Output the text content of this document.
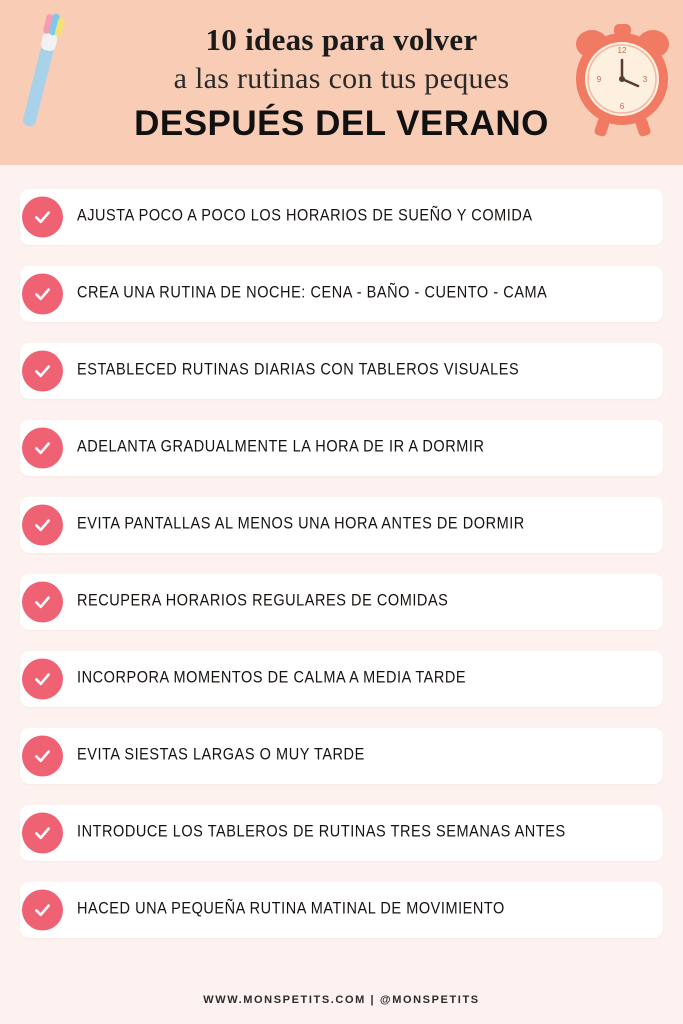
12
3
6
9
10 ideas para volver
a las rutinas con tus peques
DESPUÉS DEL VERANO
AJUSTA POCO A POCO LOS HORARIOS DE SUEÑO Y COMIDA
CREA UNA RUTINA DE NOCHE: CENA - BAÑO - CUENTO - CAMA
ESTABLECED RUTINAS DIARIAS CON TABLEROS VISUALES
ADELANTA GRADUALMENTE LA HORA DE IR A DORMIR
EVITA PANTALLAS AL MENOS UNA HORA ANTES DE DORMIR
RECUPERA HORARIOS REGULARES DE COMIDAS
INCORPORA MOMENTOS DE CALMA A MEDIA TARDE
EVITA SIESTAS LARGAS O MUY TARDE
INTRODUCE LOS TABLEROS DE RUTINAS TRES SEMANAS ANTES
HACED UNA PEQUEÑA RUTINA MATINAL DE MOVIMIENTO
WWW.MONSPETITS.COM | @MONSPETITS
